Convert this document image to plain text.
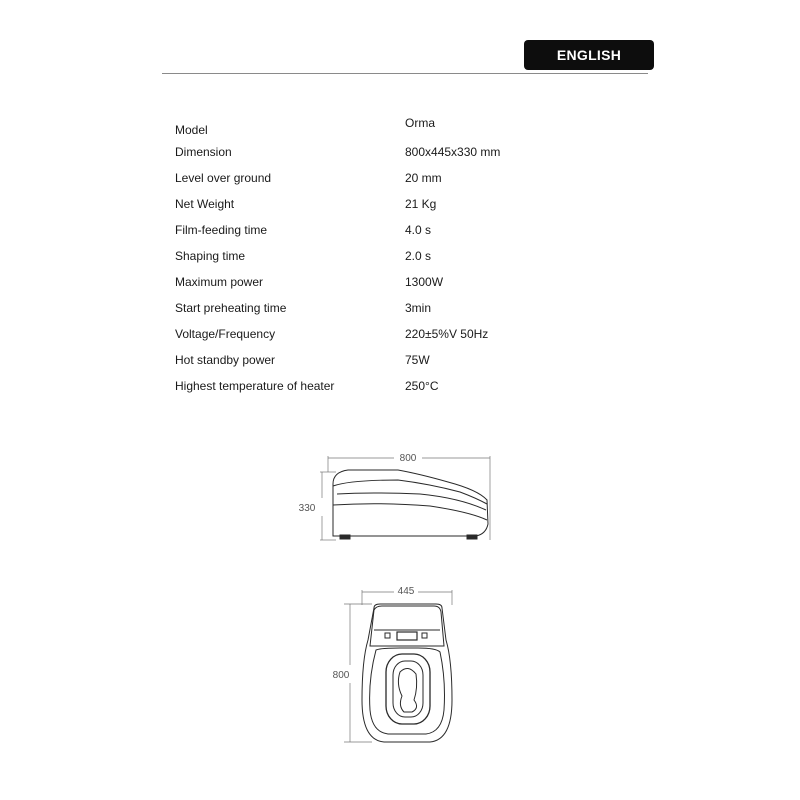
ENGLISH
Model	Orma
Dimension	800x445x330 mm
Level over ground	20 mm
Net Weight	21 Kg
Film-feeding time	4.0 s
Shaping time	2.0 s
Maximum power	1300W
Start preheating time	3min
Voltage/Frequency	220±5%V 50Hz
Hot standby power	75W
Highest temperature of heater	250°C
800
330
445
800
